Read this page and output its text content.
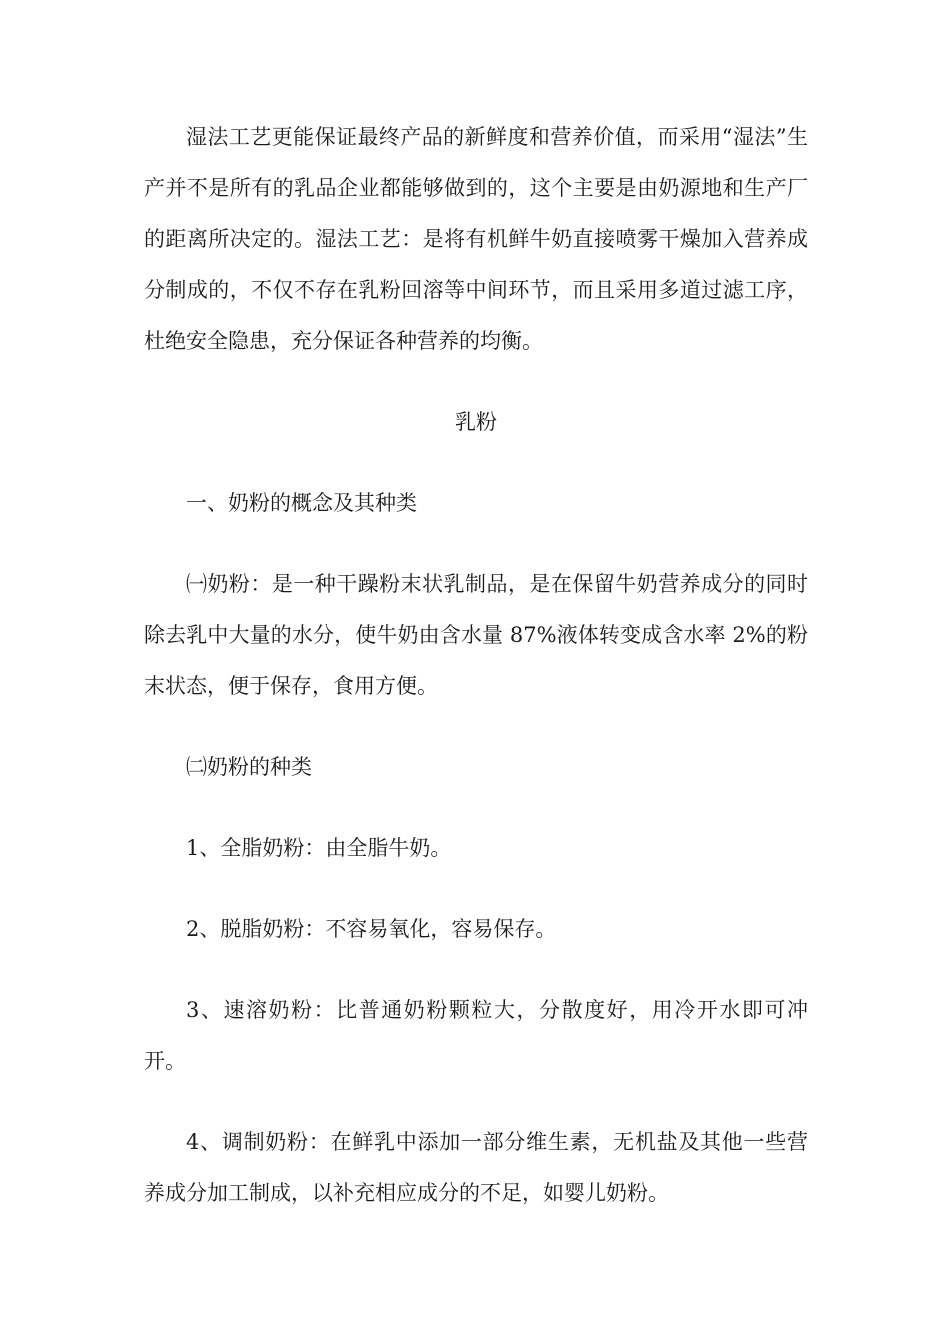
湿法工艺更能保证最终产品的新鲜度和营养价值，而采用“湿法”生产并不是所有的乳品企业都能够做到的，这个主要是由奶源地和生产厂的距离所决定的。湿法工艺：是将有机鲜牛奶直接喷雾干燥加入营养成分制成的，不仅不存在乳粉回溶等中间环节，而且采用多道过滤工序，杜绝安全隐患，充分保证各种营养的均衡。

乳粉

一、奶粉的概念及其种类

㈠奶粉：是一种干躁粉末状乳制品，是在保留牛奶营养成分的同时除去乳中大量的水分，使牛奶由含水量 87%液体转变成含水率 2%的粉末状态，便于保存，食用方便。

㈡奶粉的种类

1、全脂奶粉：由全脂牛奶。

2、脱脂奶粉：不容易氧化，容易保存。

3、速溶奶粉：比普通奶粉颗粒大，分散度好，用冷开水即可冲开。

4、调制奶粉：在鲜乳中添加一部分维生素，无机盐及其他一些营养成分加工制成，以补充相应成分的不足，如婴儿奶粉。
